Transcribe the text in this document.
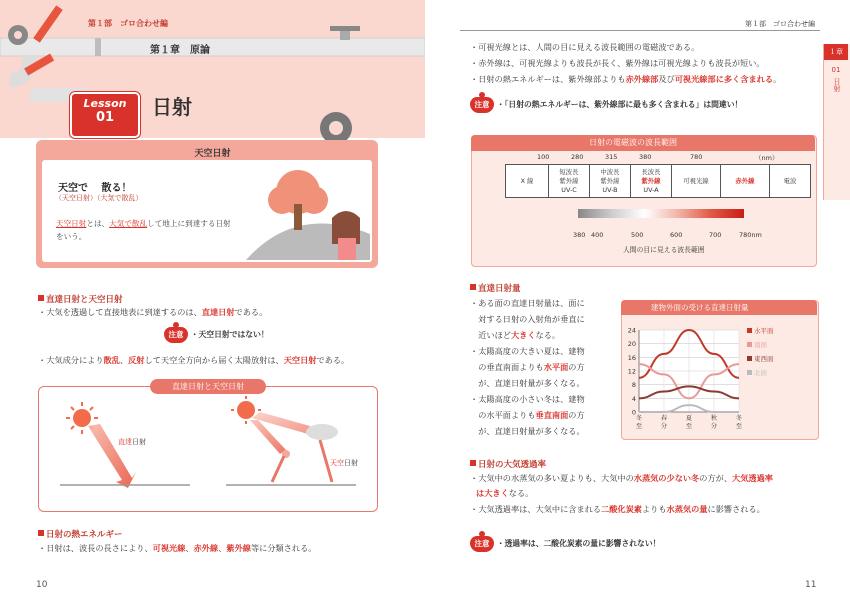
第１部　ゴロ合わせ編
第１章　原論
Lesson
01	日射
天空日射
天空で　 散る！
（天空日射）（大気で散乱）
天空日射とは、大気で散乱して地上に到達する日射をいう。
直達日射と天空日射
・大気を透過して直接地表に到達するのは、直達日射である。
注意 ・天空日射ではない！
・大気成分により散乱、反射して天空全方向から届く太陽放射は、天空日射である。
直達日射と天空日射
直達日射
天空日射
日射の熱エネルギー
・日射は、波長の長さにより、可視光線、赤外線、紫外線等に分類される。
10
第１部　ゴロ合わせ編
１章
01
日射
・可視光線とは、人間の目に見える波長範囲の電磁波である。
・赤外線は、可視光線よりも波長が長く、紫外線は可視光線よりも波長が短い。
・日射の熱エネルギーは、紫外線部よりも赤外線部及び可視光線部に多く含まれる。
注意 ・「日射の熱エネルギーは、紫外線部に最も多く含まれる」は間違い！
日射の電磁波の波長範囲
（nm）
100	280	315	380	780
X 線

短波長
紫外線
UV-C

中波長
紫外線
UV-B

長波長
紫外線
UV-A

可視光線	赤外線	電波
380 400	500	600	700	780nm
人間の目に見える波長範囲
直達日射量
・ある面の直達日射量は、面に
　対する日射の入射角が垂直に
　近いほど大きくなる。
・太陽高度の大きい夏は、建物
　の垂直南面よりも水平面の方
　が、直達日射量が多くなる。
・太陽高度の小さい冬は、建物
　の水平面よりも垂直南面の方
　が、直達日射量が多くなる。
建物外面の受ける直達日射量
0
4
8
12
16
20
24
冬
至
春
分
夏
至
秋
分
冬
至
水平面
南面
東西面
北面
日射の大気透過率
・大気中の水蒸気の多い夏よりも、大気中の水蒸気の少ない冬の方が、大気透過率
は大きくなる。
・大気透過率は、大気中に含まれる二酸化炭素よりも水蒸気の量に影響される。
注意 ・透過率は、二酸化炭素の量に影響されない！
11
